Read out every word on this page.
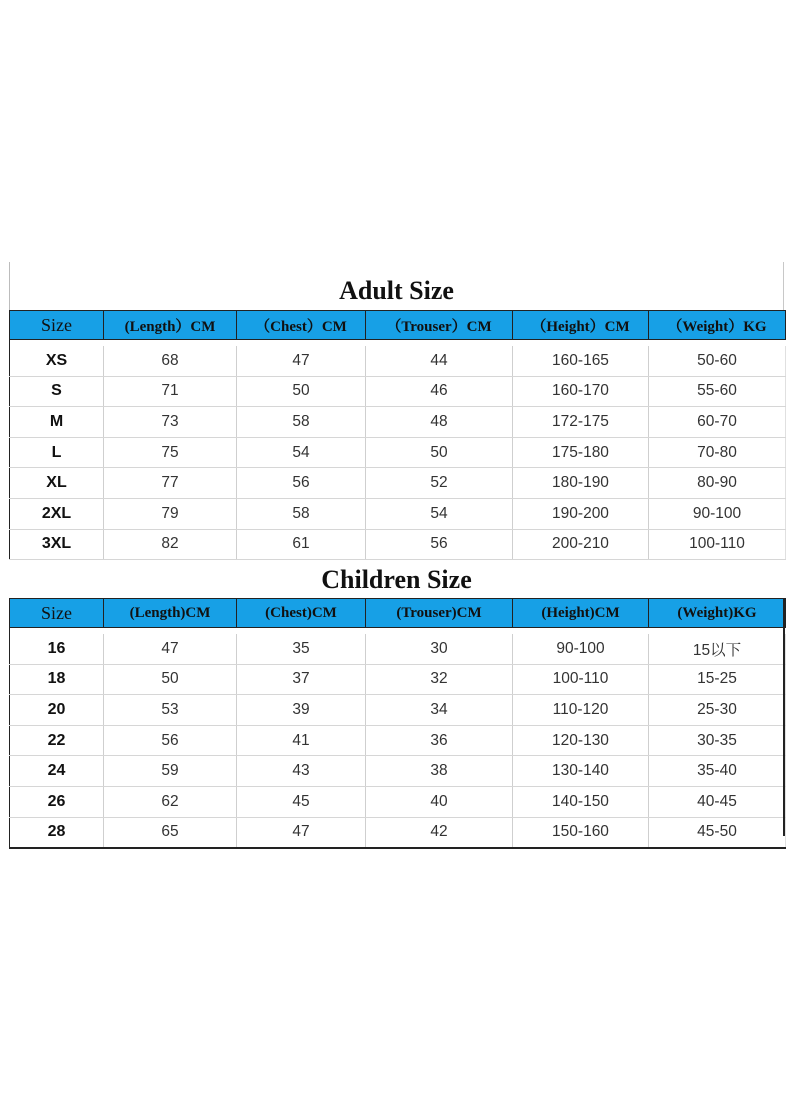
Adult Size
Size	(Length）CM	（Chest）CM	（Trouser）CM	（Height）CM	（Weight）KG

XS	68	47	44	160-165	50-60
S	71	50	46	160-170	55-60
M	73	58	48	172-175	60-70
L	75	54	50	175-180	70-80
XL	77	56	52	180-190	80-90
2XL	79	58	54	190-200	90-100
3XL	82	61	56	200-210	100-110
Children Size
Size	(Length)CM	(Chest)CM	(Trouser)CM	(Height)CM	(Weight)KG

16	47	35	30	90-100	15以下
18	50	37	32	100-110	15-25
20	53	39	34	110-120	25-30
22	56	41	36	120-130	30-35
24	59	43	38	130-140	35-40
26	62	45	40	140-150	40-45
28	65	47	42	150-160	45-50
